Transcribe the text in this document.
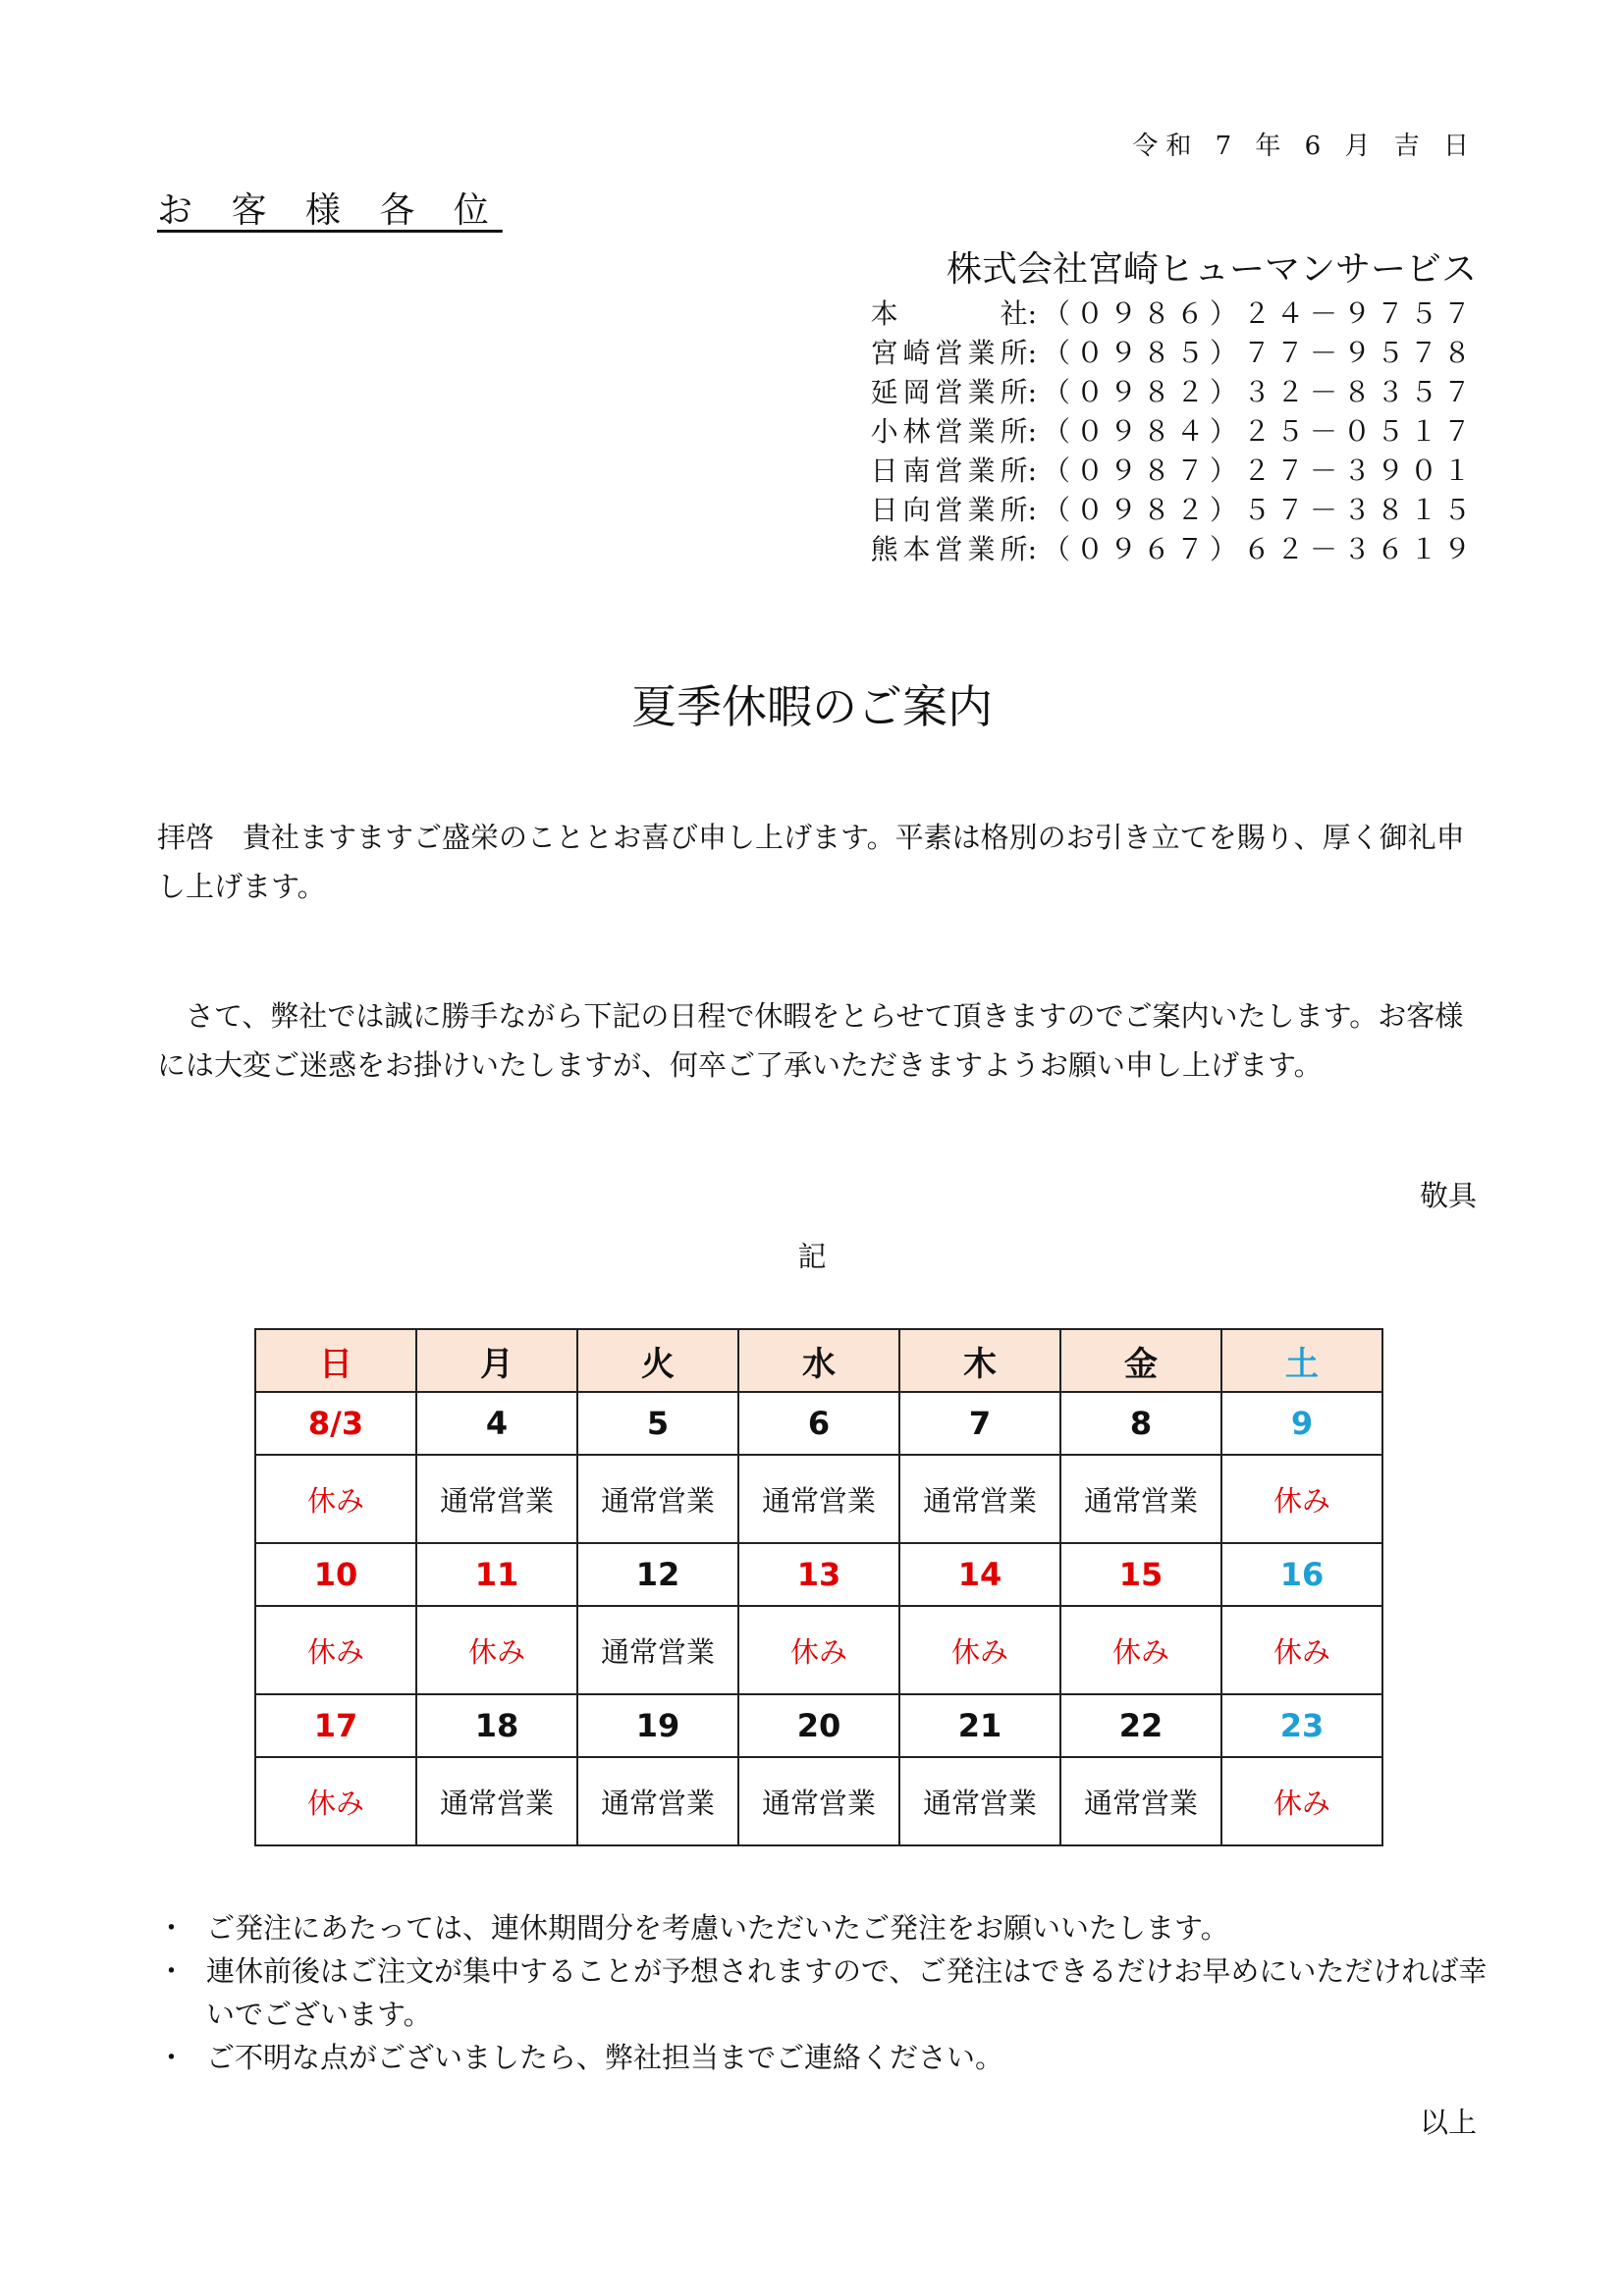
令和 7 年 6 月 吉 日
お 客 様 各 位
株式会社宮崎ヒューマンサービス
本社 :（０９８６）２４－９７５７
宮崎営業所 :（０９８５）７７－９５７８
延岡営業所 :（０９８２）３２－８３５７
小林営業所 :（０９８４）２５－０５１７
日南営業所 :（０９８７）２７－３９０１
日向営業所 :（０９８２）５７－３８１５
熊本営業所 :（０９６７）６２－３６１９
夏季休暇のご案内
拝啓　貴社ますますご盛栄のこととお喜び申し上げます。平素は格別のお引き立てを賜り、厚く御礼申し上げます。
　さて、弊社では誠に勝手ながら下記の日程で休暇をとらせて頂きますのでご案内いたします。お客様には大変ご迷惑をお掛けいたしますが、何卒ご了承いただきますようお願い申し上げます。
敬具
記
日	月	火	水	木	金	土
8/3	4	5	6	7	8	9
休み	通常営業	通常営業	通常営業	通常営業	通常営業	休み
10	11	12	13	14	15	16
休み	休み	通常営業	休み	休み	休み	休み
17	18	19	20	21	22	23
休み	通常営業	通常営業	通常営業	通常営業	通常営業	休み
・ ご発注にあたっては、連休期間分を考慮いただいたご発注をお願いいたします。
・ 連休前後はご注文が集中することが予想されますので、ご発注はできるだけお早めにいただければ幸いでございます。
・ ご不明な点がございましたら、弊社担当までご連絡ください。
以上
